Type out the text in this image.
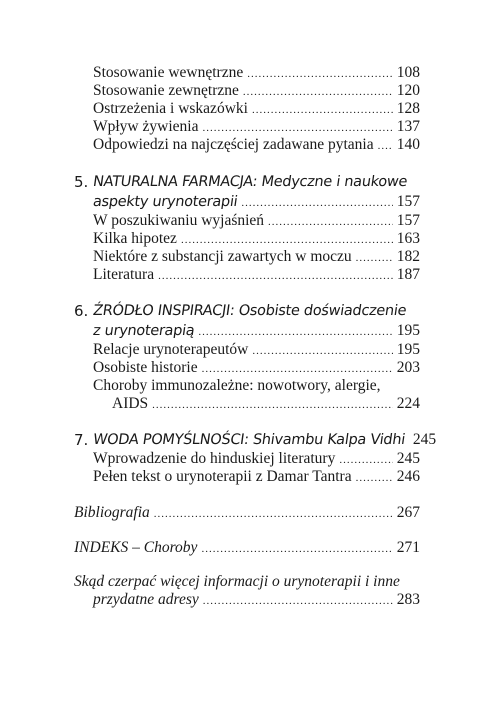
Stosowanie wewnętrzne .....	108
Stosowanie zewnętrzne .....	120
Ostrzeżenia i wskazówki .....	128
Wpływ żywienia .....	137
Odpowiedzi na najczęściej zadawane pytania ..... 140
5. NATURALNA FARMACJA: Medyczne i naukowe
aspekty urynoterapii .....	157
W poszukiwaniu wyjaśnień .....	157
Kilka hipotez .....	163
Niektóre z substancji zawartych w moczu .....	182
Literatura .....	187
6. ŹRÓDŁO INSPIRACJI: Osobiste doświadczenie
z urynoterapią .....	195
Relacje urynoterapeutów .....	195
Osobiste historie .....	203
Choroby immunozależne: nowotwory, alergie,
AIDS .....	224
7. WODA POMYŚLNOŚCI: Shivambu Kalpa Vidhi 245
Wprowadzenie do hinduskiej literatury .....	245
Pełen tekst o urynoterapii z Damar Tantra .....	246
Bibliografia .....	267
INDEKS – Choroby .....	271
Skąd czerpać więcej informacji o urynoterapii i inne
przydatne adresy .....	283
